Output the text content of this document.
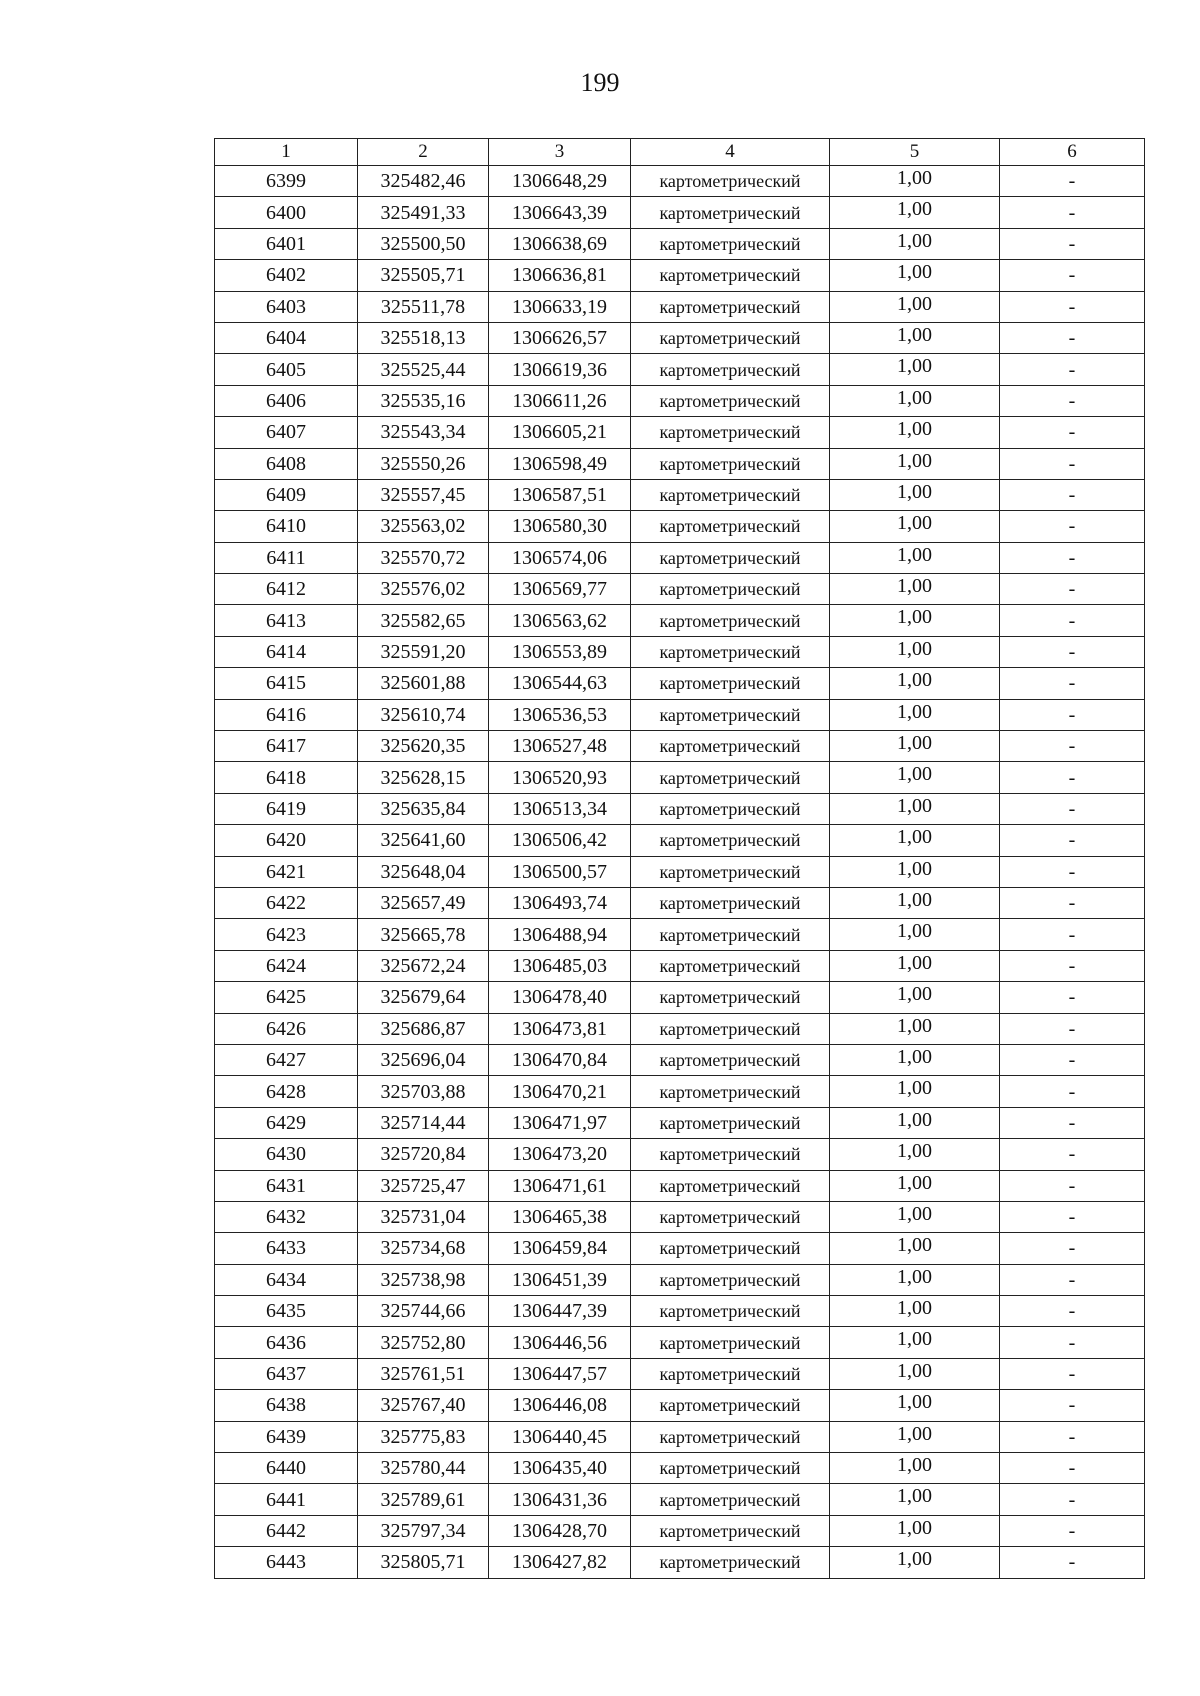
199
1	2	3	4	5	6
6399	325482,46	1306648,29	картометрический	1,00	-
6400	325491,33	1306643,39	картометрический	1,00	-
6401	325500,50	1306638,69	картометрический	1,00	-
6402	325505,71	1306636,81	картометрический	1,00	-
6403	325511,78	1306633,19	картометрический	1,00	-
6404	325518,13	1306626,57	картометрический	1,00	-
6405	325525,44	1306619,36	картометрический	1,00	-
6406	325535,16	1306611,26	картометрический	1,00	-
6407	325543,34	1306605,21	картометрический	1,00	-
6408	325550,26	1306598,49	картометрический	1,00	-
6409	325557,45	1306587,51	картометрический	1,00	-
6410	325563,02	1306580,30	картометрический	1,00	-
6411	325570,72	1306574,06	картометрический	1,00	-
6412	325576,02	1306569,77	картометрический	1,00	-
6413	325582,65	1306563,62	картометрический	1,00	-
6414	325591,20	1306553,89	картометрический	1,00	-
6415	325601,88	1306544,63	картометрический	1,00	-
6416	325610,74	1306536,53	картометрический	1,00	-
6417	325620,35	1306527,48	картометрический	1,00	-
6418	325628,15	1306520,93	картометрический	1,00	-
6419	325635,84	1306513,34	картометрический	1,00	-
6420	325641,60	1306506,42	картометрический	1,00	-
6421	325648,04	1306500,57	картометрический	1,00	-
6422	325657,49	1306493,74	картометрический	1,00	-
6423	325665,78	1306488,94	картометрический	1,00	-
6424	325672,24	1306485,03	картометрический	1,00	-
6425	325679,64	1306478,40	картометрический	1,00	-
6426	325686,87	1306473,81	картометрический	1,00	-
6427	325696,04	1306470,84	картометрический	1,00	-
6428	325703,88	1306470,21	картометрический	1,00	-
6429	325714,44	1306471,97	картометрический	1,00	-
6430	325720,84	1306473,20	картометрический	1,00	-
6431	325725,47	1306471,61	картометрический	1,00	-
6432	325731,04	1306465,38	картометрический	1,00	-
6433	325734,68	1306459,84	картометрический	1,00	-
6434	325738,98	1306451,39	картометрический	1,00	-
6435	325744,66	1306447,39	картометрический	1,00	-
6436	325752,80	1306446,56	картометрический	1,00	-
6437	325761,51	1306447,57	картометрический	1,00	-
6438	325767,40	1306446,08	картометрический	1,00	-
6439	325775,83	1306440,45	картометрический	1,00	-
6440	325780,44	1306435,40	картометрический	1,00	-
6441	325789,61	1306431,36	картометрический	1,00	-
6442	325797,34	1306428,70	картометрический	1,00	-
6443	325805,71	1306427,82	картометрический	1,00	-
